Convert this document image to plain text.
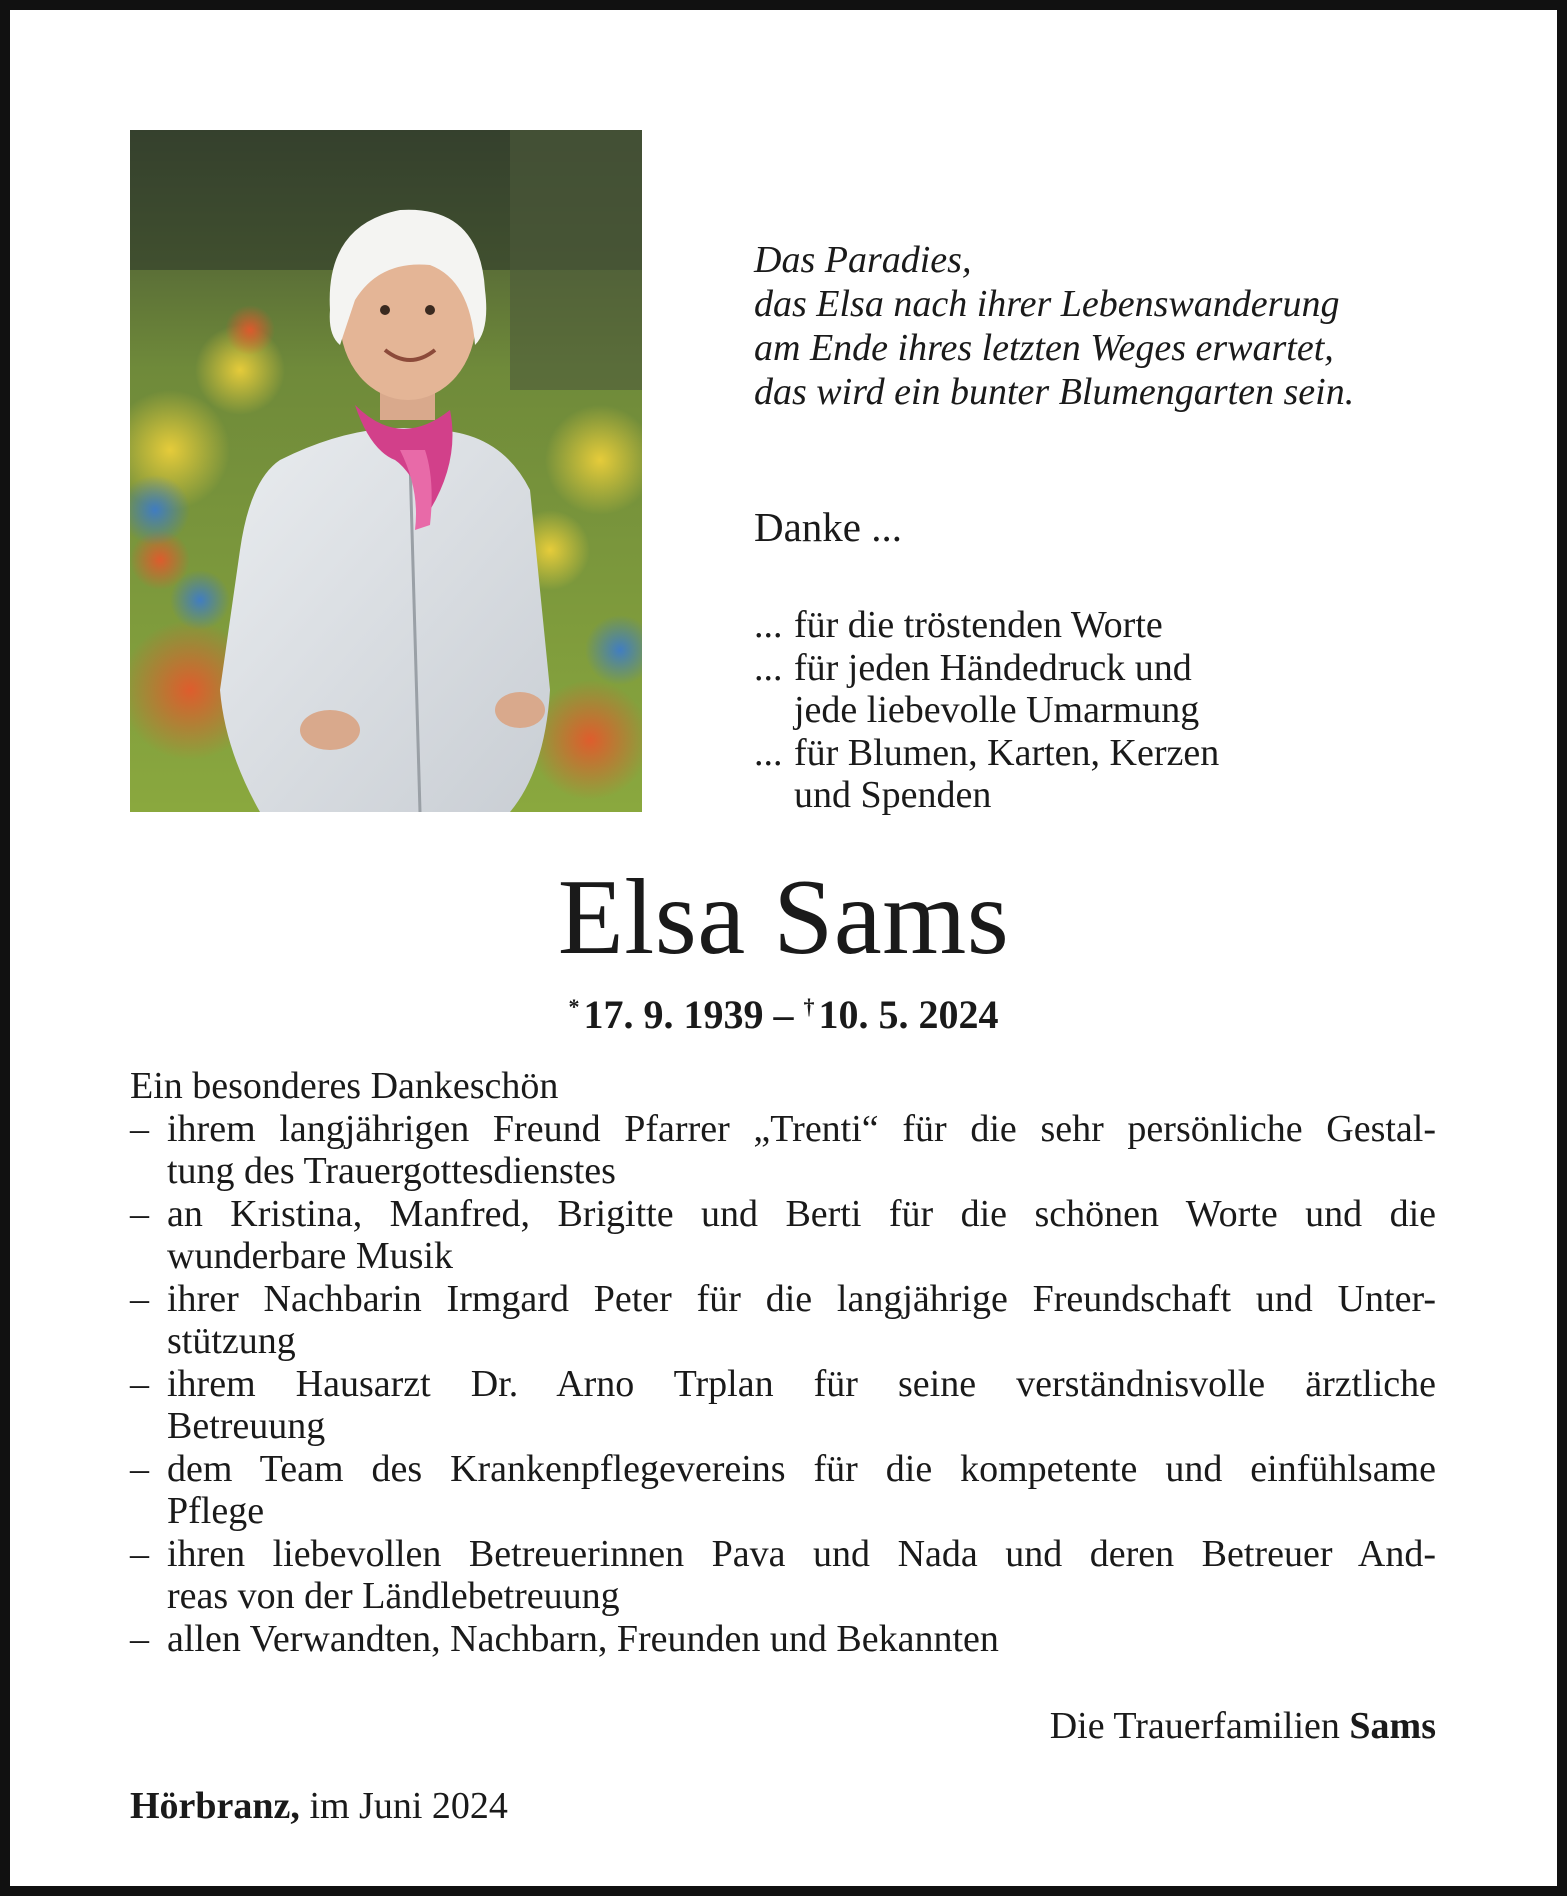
Das Paradies,
das Elsa nach ihrer Lebenswanderung
am Ende ihres letzten Weges erwartet,
das wird ein bunter Blumengarten sein.
Danke ...
... für die tröstenden Worte
... für jeden Händedruck und
jede liebevolle Umarmung
... für Blumen, Karten, Kerzen
und Spenden
Elsa Sams
* 17. 9. 1939 – † 10. 5. 2024
Ein besonderes Dankeschön
– ihrem langjährigen Freund Pfarrer „Trenti“ für die sehr persönliche Gestal-
tung des Trauergottesdienstes
– an Kristina, Manfred, Brigitte und Berti für die schönen Worte und die
wunderbare Musik
– ihrer Nachbarin Irmgard Peter für die langjährige Freundschaft und Unter-
stützung
– ihrem Hausarzt Dr. Arno Trplan für seine verständnisvolle ärztliche
Betreuung
– dem Team des Krankenpflegevereins für die kompetente und einfühlsame
Pflege
– ihren liebevollen Betreuerinnen Pava und Nada und deren Betreuer And-
reas von der Ländlebetreuung
– allen Verwandten, Nachbarn, Freunden und Bekannten
Die Trauerfamilien Sams
Hörbranz, im Juni 2024
